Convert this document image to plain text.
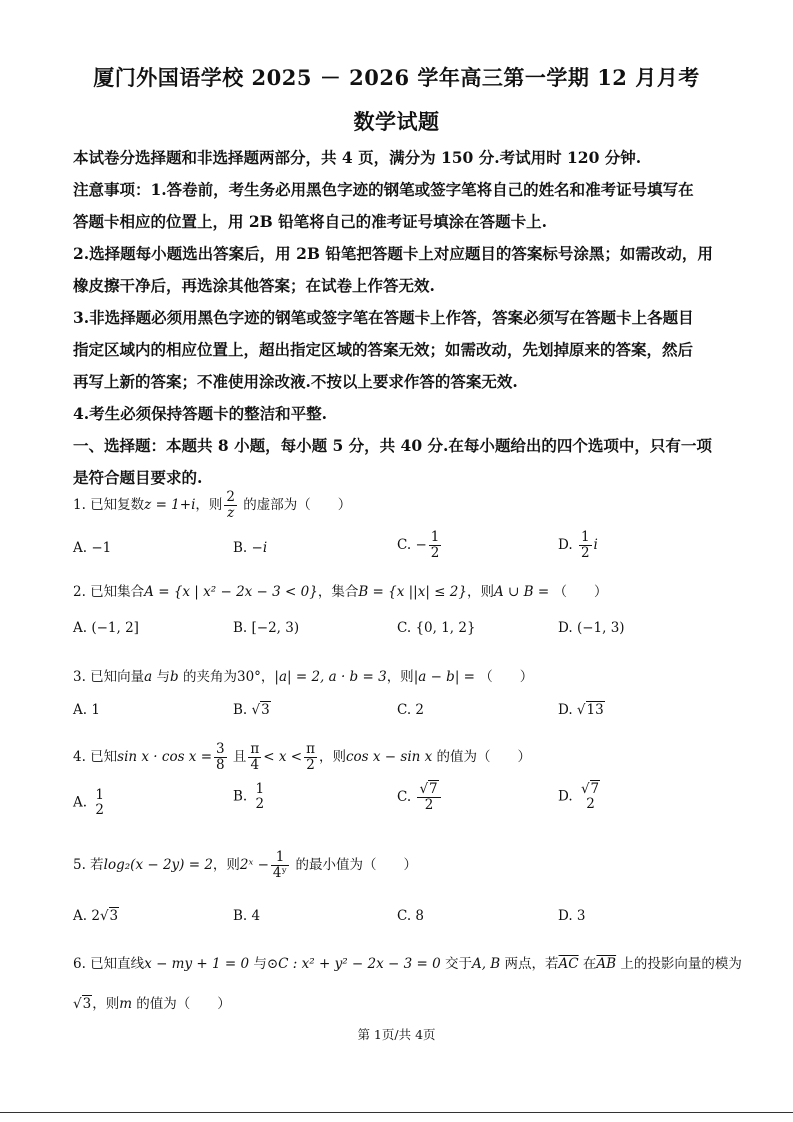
厦门外国语学校 2025 － 2026 学年高三第一学期 12 月月考
数学试题

本试卷分选择题和非选择题两部分，共 4 页，满分为 150 分.考试用时 120 分钟.

注意事项：1.答卷前，考生务必用黑色字迹的钢笔或签字笔将自己的姓名和准考证号填写在

答题卡相应的位置上，用 2B 铅笔将自己的准考证号填涂在答题卡上.

2.选择题每小题选出答案后，用 2B 铅笔把答题卡上对应题目的答案标号涂黑；如需改动，用

橡皮擦干净后，再选涂其他答案；在试卷上作答无效.

3.非选择题必须用黑色字迹的钢笔或签字笔在答题卡上作答，答案必须写在答题卡上各题目

指定区域内的相应位置上，超出指定区域的答案无效；如需改动，先划掉原来的答案，然后

再写上新的答案；不准使用涂改液.不按以上要求作答的答案无效.

4.考生必须保持答题卡的整洁和平整.

一、选择题：本题共 8 小题，每小题 5 分，共 40 分.在每小题给出的四个选项中，只有一项

是符合题目要求的.

1. 已知复数z = 1+i，则 $\frac{2}{z}$ 的虚部为（　　）
A. −1	B. −i	C. − $\frac{1}{2}$	D. $\frac{1}{2}$ i
2. 已知集合A = {x | x² − 2x − 3 < 0}，集合B = {x ||x| ≤ 2}，则A ∪ B = （　　）
A. (−1, 2]	B. [−2, 3)	C. {0, 1, 2}	D. (−1, 3)
3. 已知向量a 与b 的夹角为30°，|a| = 2, a · b = 3，则|a − b| = （　　）
A. 1	B. √3	C. 2	D. √13
4. 已知$\sin x \cdot \cos x = \frac{3}{8}$ 且 $\frac{\pi}{4} < x < \frac{\pi}{2}$ ，则cos x − sin x 的值为（　　）
A. 1
2
B. 1
2	C. $\frac{√7}{2}$	D. √7
2
5. 若log₂(x − 2y) = 2，则2ˣ − $\frac{1}{\text{4ʸ}}$ 的最小值为（　　）
A. 2√3	B. 4	C. 8	D. 3
6. 已知直线x − my + 1 = 0 与⊙C : x² + y² − 2x − 3 = 0 交于A, B 两点，若$\overline{AC}$ 在$\overline{AB}$ 上的投影向量的模为
√3，则m 的值为（　　）
第 1页/共 4页
